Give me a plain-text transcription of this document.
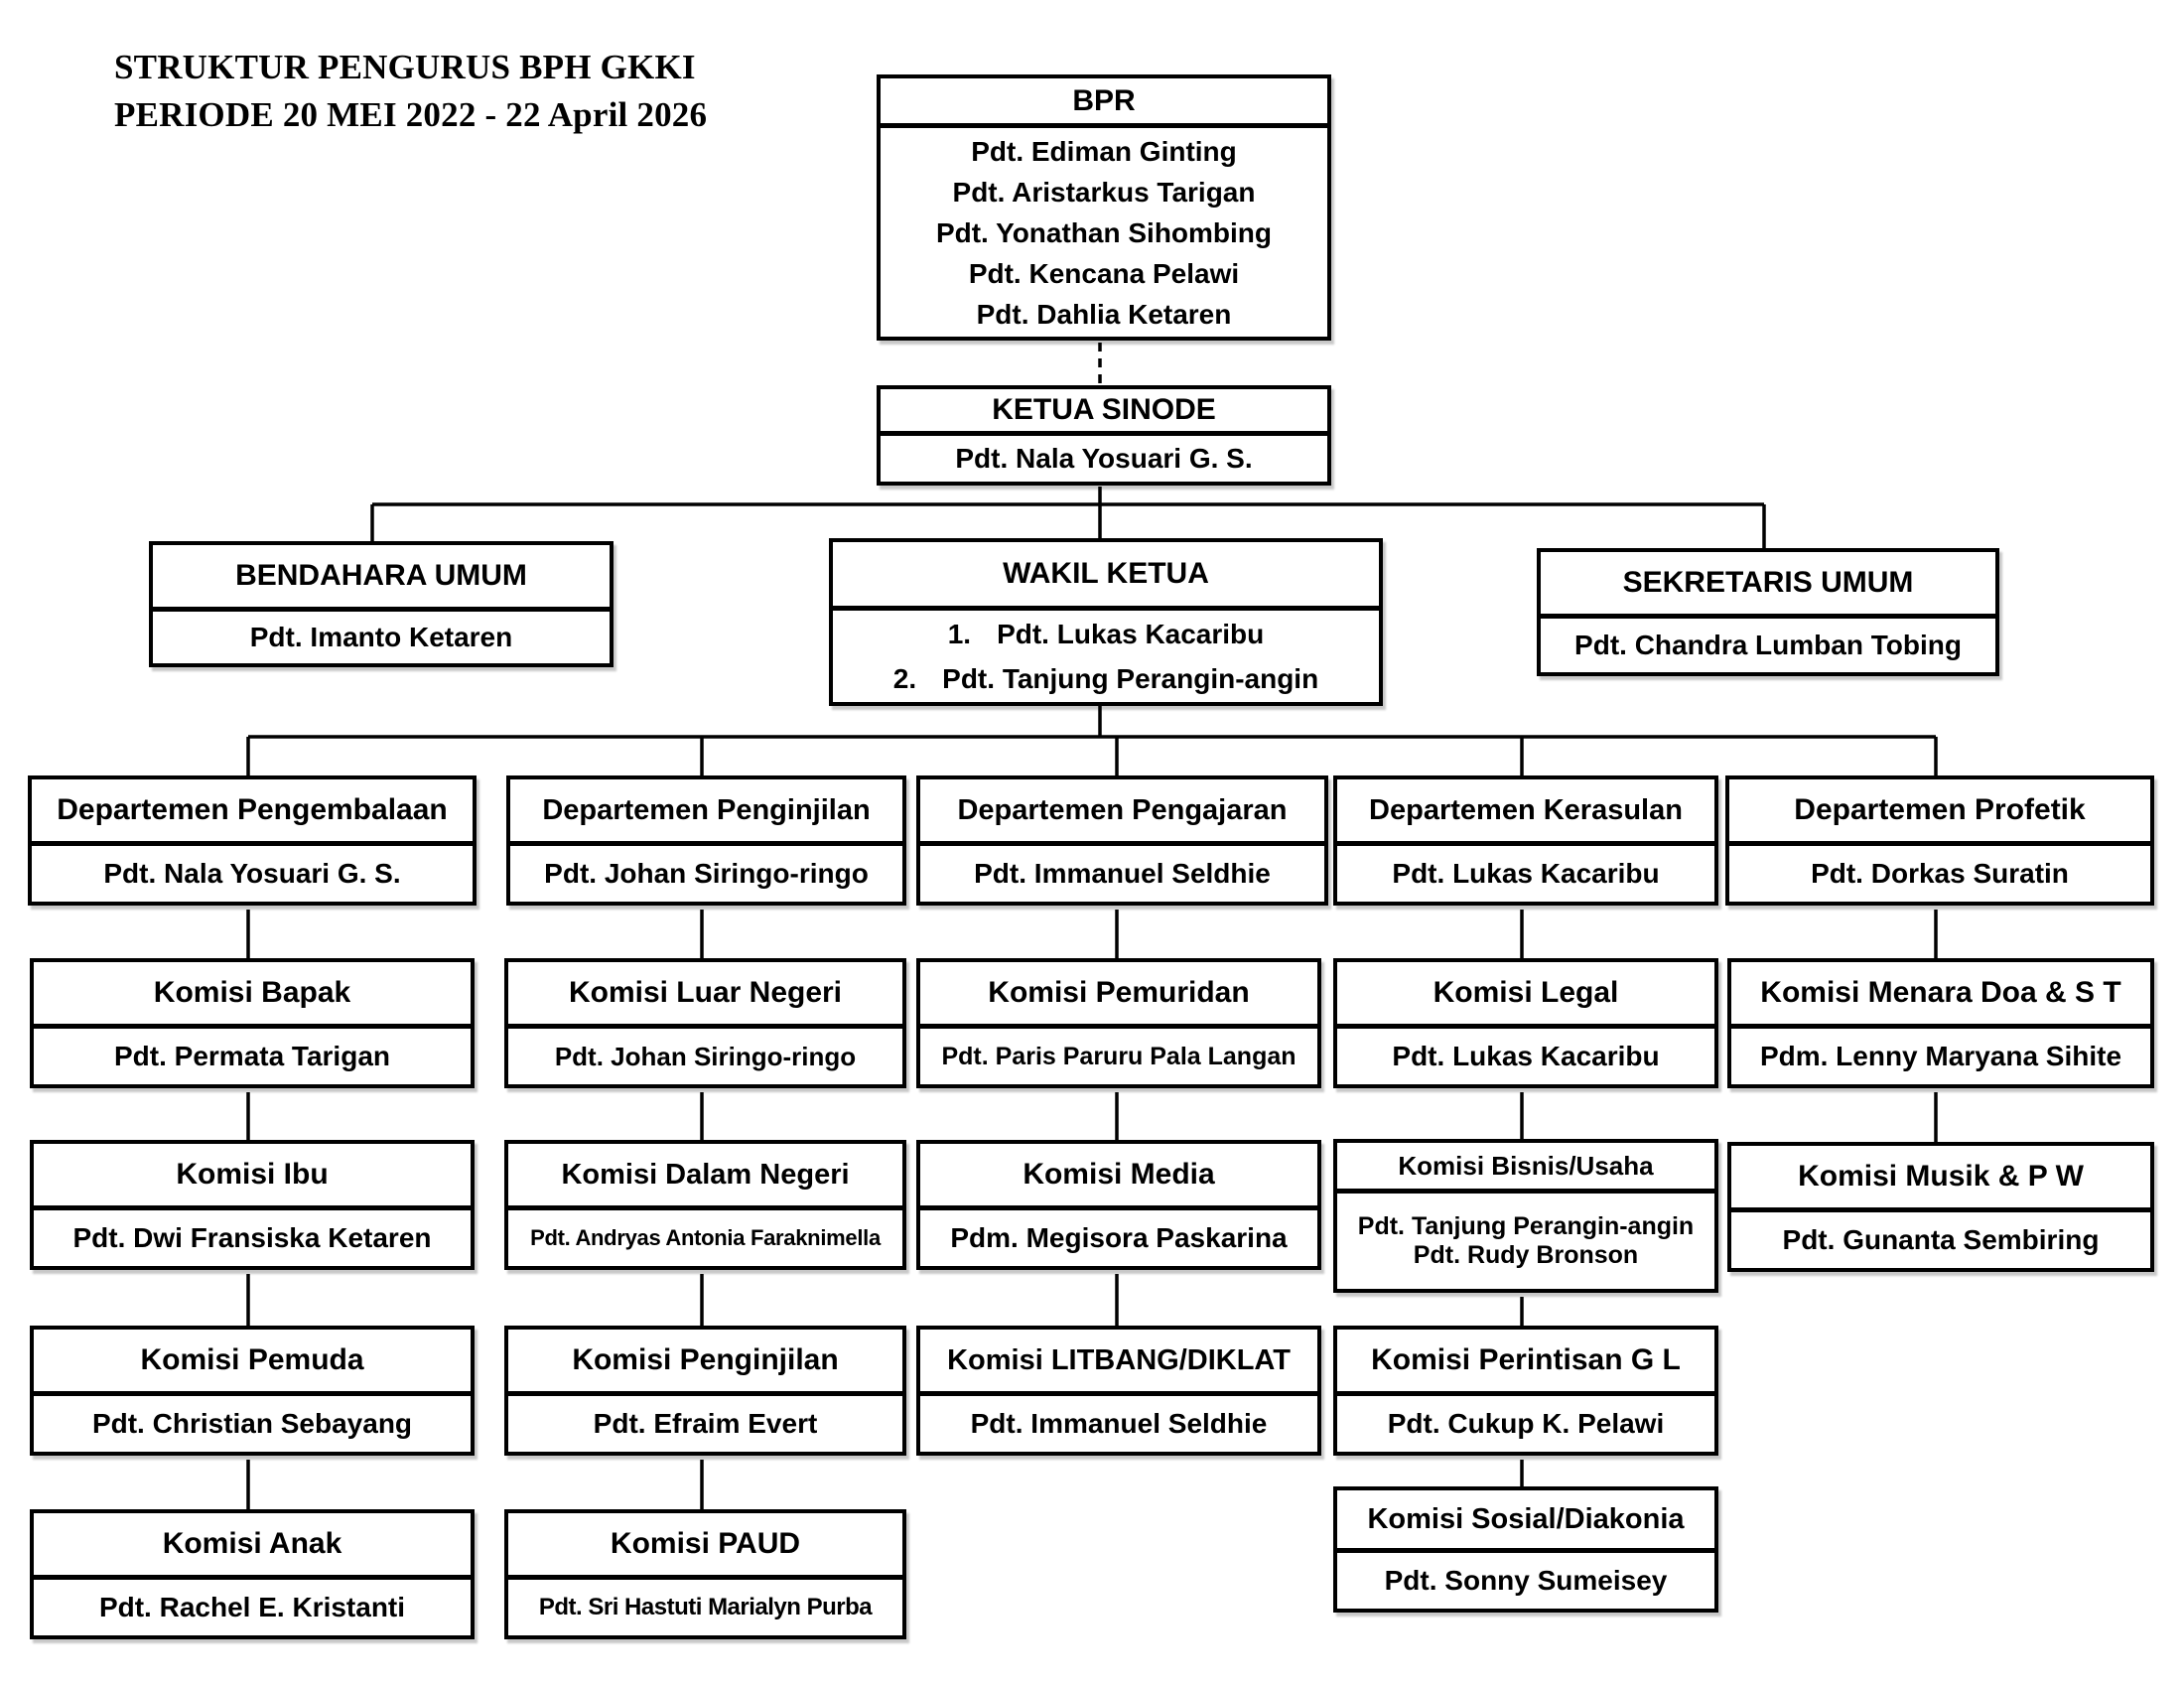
STRUKTUR PENGURUS BPH GKKI
PERIODE 20 MEI 2022 - 22 April 2026	BPR
Pdt. Ediman Ginting
Pdt. Aristarkus Tarigan
Pdt. Yonathan Sihombing
Pdt. Kencana Pelawi
Pdt. Dahlia Ketaren
KETUA SINODE
Pdt. Nala Yosuari G. S.
BENDAHARA UMUM
Pdt. Imanto Ketaren
WAKIL KETUA
1. Pdt. Lukas Kacaribu
2. Pdt. Tanjung Perangin-angin
SEKRETARIS UMUM
Pdt. Chandra Lumban Tobing
Departemen Pengembalaan
Pdt. Nala Yosuari G. S.
Departemen Penginjilan
Pdt. Johan Siringo-ringo
Departemen Pengajaran
Pdt. Immanuel Seldhie
Departemen Kerasulan
Pdt. Lukas Kacaribu
Departemen Profetik
Pdt. Dorkas Suratin
Komisi Bapak
Pdt. Permata Tarigan
Komisi Ibu
Pdt. Dwi Fransiska Ketaren
Komisi Pemuda
Pdt. Christian Sebayang
Komisi Anak
Pdt. Rachel E. Kristanti
Komisi Luar Negeri
Pdt. Johan Siringo-ringo
Komisi Dalam Negeri
Pdt. Andryas Antonia Faraknimella
Komisi Penginjilan
Pdt. Efraim Evert
Komisi PAUD
Pdt. Sri Hastuti Marialyn Purba
Komisi Pemuridan
Pdt. Paris Paruru Pala Langan
Komisi Media
Pdm. Megisora Paskarina
Komisi LITBANG/DIKLAT
Pdt. Immanuel Seldhie
Komisi Legal
Pdt. Lukas Kacaribu
Komisi Bisnis/Usaha
Pdt. Tanjung Perangin-angin
Pdt. Rudy Bronson
Komisi Perintisan G L
Pdt. Cukup K. Pelawi
Komisi Sosial/Diakonia
Pdt. Sonny Sumeisey
Komisi Menara Doa & S T
Pdm. Lenny Maryana Sihite
Komisi Musik & P W
Pdt. Gunanta Sembiring
